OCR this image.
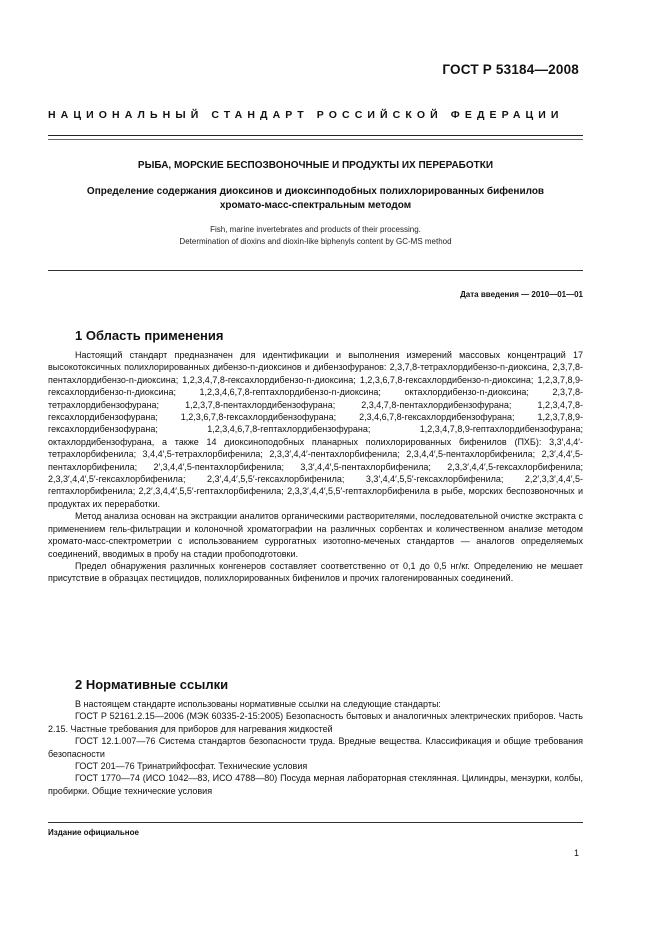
ГОСТ Р 53184—2008
НАЦИОНАЛЬНЫЙ СТАНДАРТ РОССИЙСКОЙ ФЕДЕРАЦИИ
РЫБА, МОРСКИЕ БЕСПОЗВОНОЧНЫЕ И ПРОДУКТЫ ИХ ПЕРЕРАБОТКИ
Определение содержания диоксинов и диоксинподобных полихлорированных бифенилов
хромато-масс-спектральным методом
Fish, marine invertebrates and products of their processing.
Determination of dioxins and dioxin-like biphenyls content by GC-MS method
Дата введения — 2010—01—01
1 Область применения

Настоящий стандарт предназначен для идентификации и выполнения измерений массовых концентраций 17 высокотоксичных полихлорированных дибензо-n-диоксинов и дибензофуранов: 2,3,7,8-тетрахлордибензо-n-диоксина, 2,3,7,8-пентахлордибензо-n-диоксина; 1,2,3,4,7,8-гексахлордибензо-n-диоксина; 1,2,3,6,7,8-гексахлордибензо-n-диоксина; 1,2,3,7,8,9-гексахлордибензо-n-диоксина; 1,2,3,4,6,7,8-гептахлордибензо-n-диоксина; октахлордибензо-n-диоксина; 2,3,7,8-тетрахлордибензофурана; 1,2,3,7,8-пентахлордибензофурана; 2,3,4,7,8-пентахлордибензофурана; 1,2,3,4,7,8-гексахлордибензофурана; 1,2,3,6,7,8-гексахлордибензофурана; 2,3,4,6,7,8-гексахлордибензофурана; 1,2,3,7,8,9-гексахлордибензофурана; 1,2,3,4,6,7,8-гептахлордибензофурана; 1,2,3,4,7,8,9-гептахлордибензофурана; октахлордибензофурана, а также 14 диоксиноподобных планарных полихлорированных бифенилов (ПХБ): 3,3′,4,4′-тетрахлорбифенила; 3,4,4′,5-тетрахлорбифенила; 2,3,3′,4,4′-пентахлорбифенила; 2,3,4,4′,5-пентахлорбифенила; 2,3′,4,4′,5-пентахлорбифенила; 2′,3,4,4′,5-пентахлорбифенила; 3,3′,4,4′,5-пентахлорбифенила; 2,3,3′,4,4′,5-гексахлорбифенила; 2,3,3′,4,4′,5′-гексахлорбифенила; 2,3′,4,4′,5,5′-гексахлорбифенила; 3,3′,4,4′,5,5′-гексахлорбифенила; 2,2′,3,3′,4,4′,5-гептахлорбифенила; 2,2′,3,4,4′,5,5′-гептахлорбифенила; 2,3,3′,4,4′,5,5′-гептахлорбифенила в рыбе, морских беспозвоночных и продуктах их переработки.

Метод анализа основан на экстракции аналитов органическими растворителями, последовательной очистке экстракта с применением гель-фильтрации и колоночной хроматографии на различных сорбентах и количественном анализе методом хромато-масс-спектрометрии с использованием суррогатных изотопно-меченых стандартов — аналогов определяемых соединений, вводимых в пробу на стадии пробоподготовки.

Предел обнаружения различных конгенеров составляет соответственно от 0,1 до 0,5 нг/кг. Определению не мешает присутствие в образцах пестицидов, полихлорированных бифенилов и прочих галогенированных соединений.

2 Нормативные ссылки

В настоящем стандарте использованы нормативные ссылки на следующие стандарты:

ГОСТ Р 52161.2.15—2006 (МЭК 60335-2-15:2005) Безопасность бытовых и аналогичных электрических приборов. Часть 2.15. Частные требования для приборов для нагревания жидкостей

ГОСТ 12.1.007—76 Система стандартов безопасности труда. Вредные вещества. Классификация и общие требования безопасности

ГОСТ 201—76 Тринатрийфосфат. Технические условия

ГОСТ 1770—74 (ИСО 1042—83, ИСО 4788—80) Посуда мерная лабораторная стеклянная. Цилиндры, мензурки, колбы, пробирки. Общие технические условия

Издание официальное
1
